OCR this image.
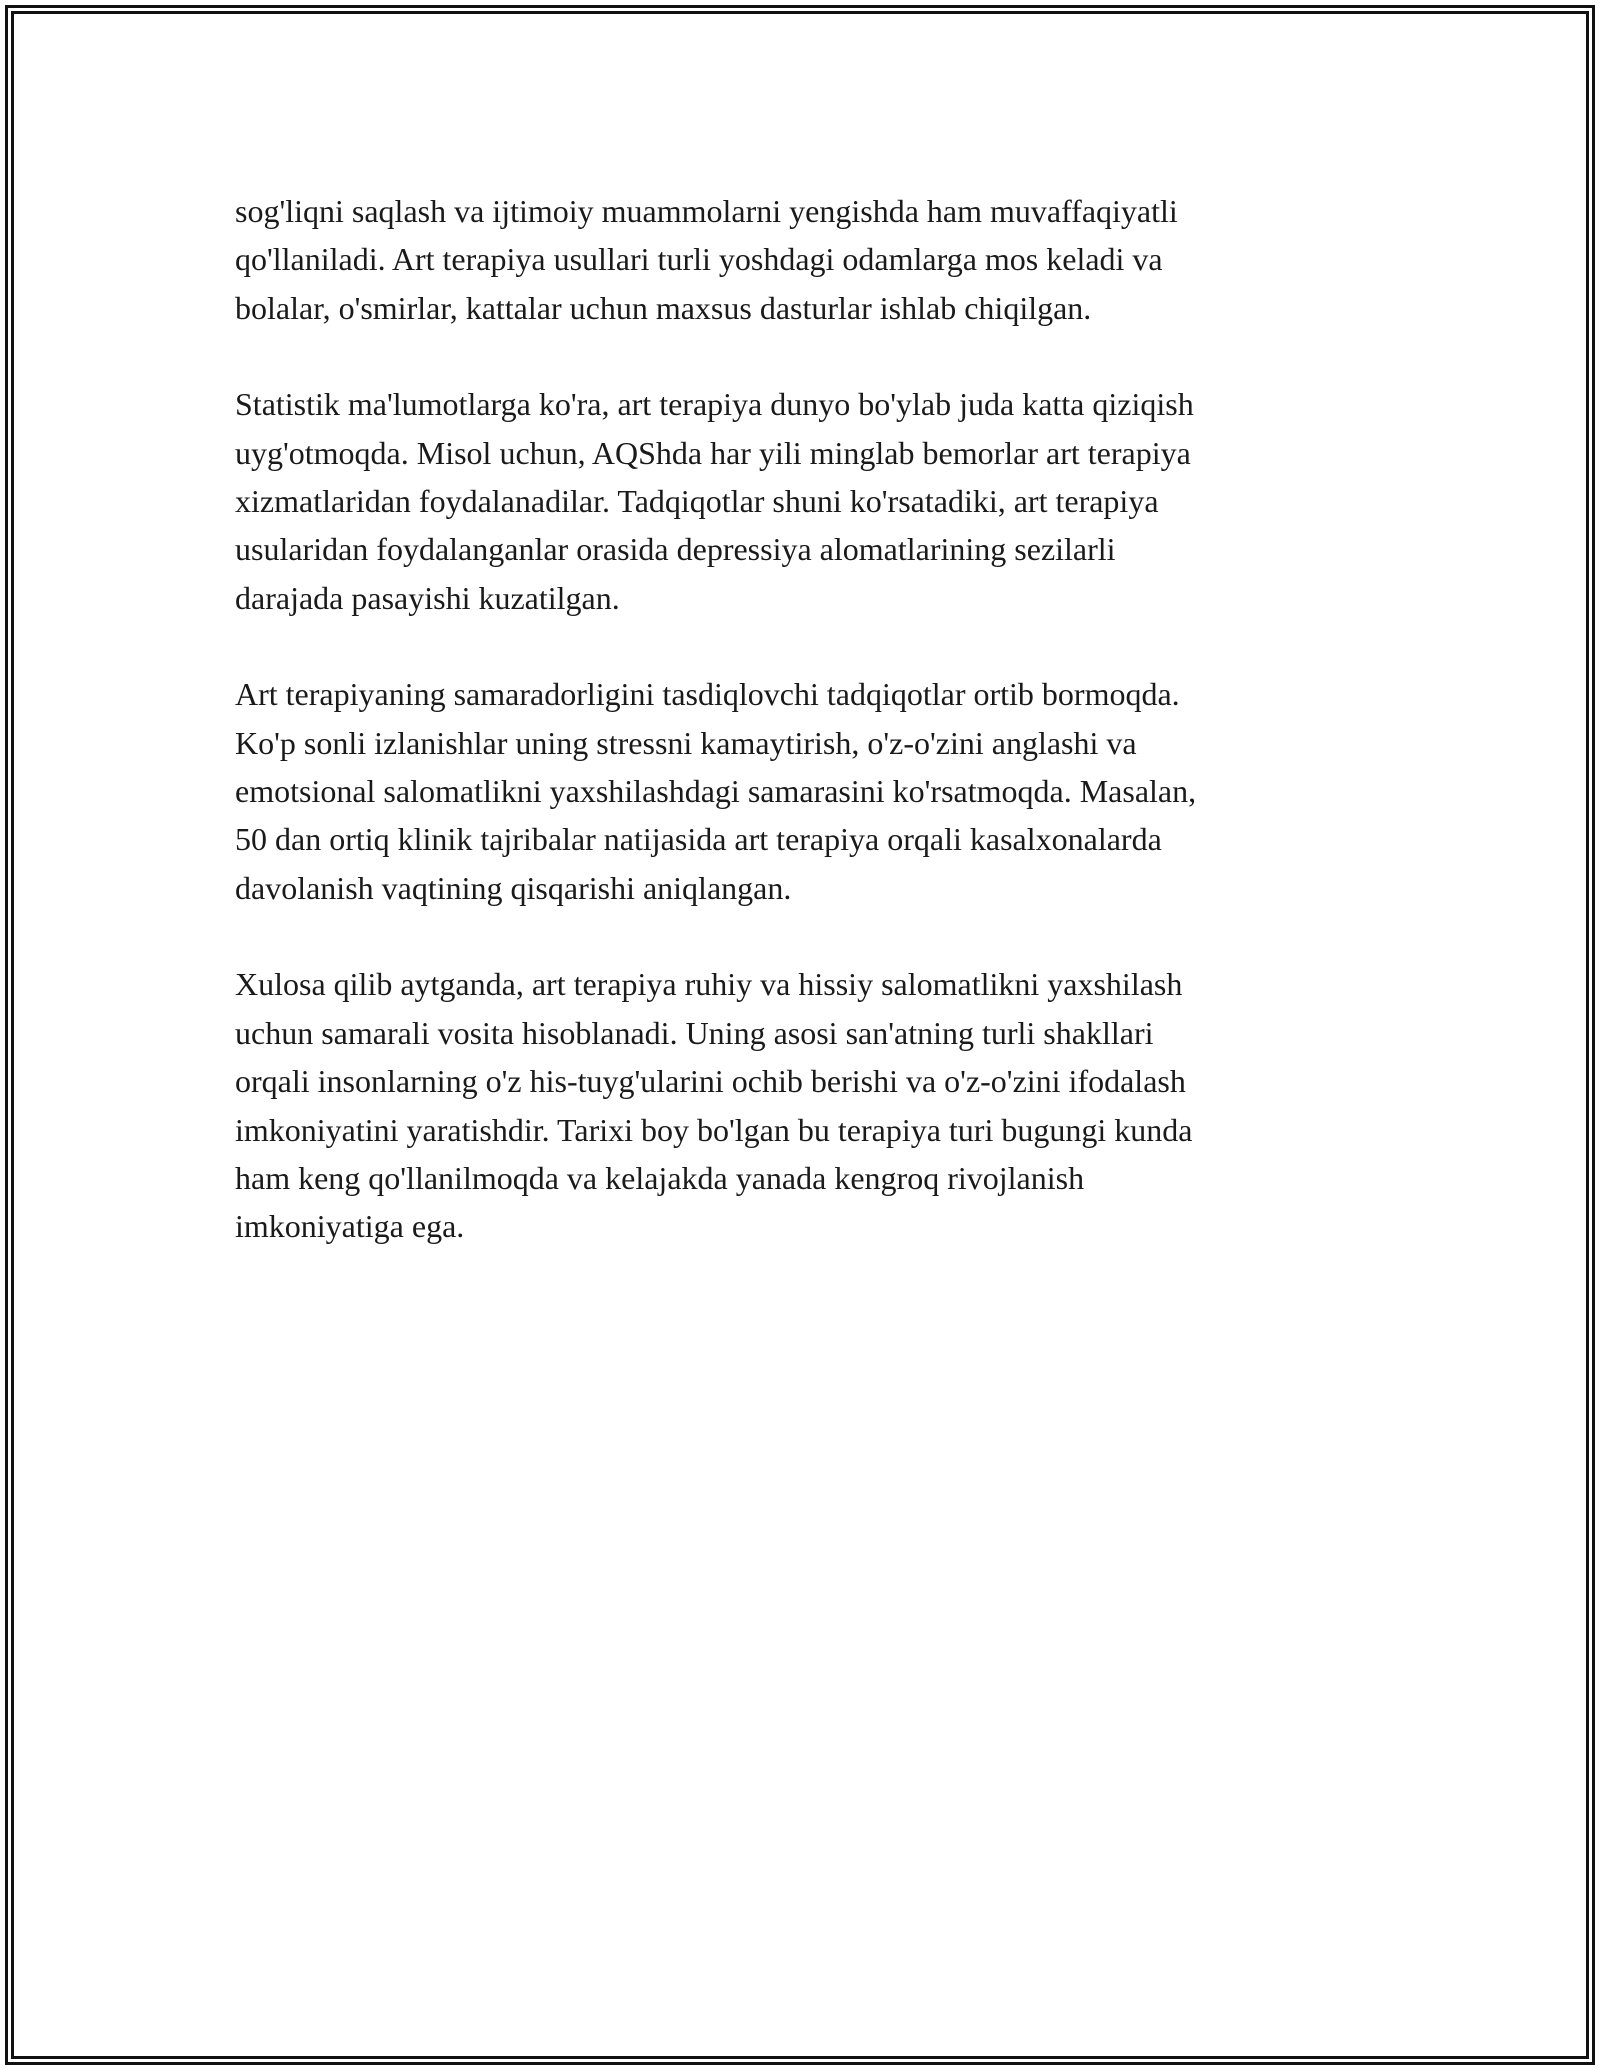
sog'liqni saqlash va ijtimoiy muammolarni yengishda ham muvaffaqiyatli
qo'llaniladi. Art terapiya usullari turli yoshdagi odamlarga mos keladi va
bolalar, o'smirlar, kattalar uchun maxsus dasturlar ishlab chiqilgan.

Statistik ma'lumotlarga ko'ra, art terapiya dunyo bo'ylab juda katta qiziqish
uyg'otmoqda. Misol uchun, AQShda har yili minglab bemorlar art terapiya
xizmatlaridan foydalanadilar. Tadqiqotlar shuni ko'rsatadiki, art terapiya
usularidan foydalanganlar orasida depressiya alomatlarining sezilarli
darajada pasayishi kuzatilgan.

Art terapiyaning samaradorligini tasdiqlovchi tadqiqotlar ortib bormoqda.
Ko'p sonli izlanishlar uning stressni kamaytirish, o'z-o'zini anglashi va
emotsional salomatlikni yaxshilashdagi samarasini ko'rsatmoqda. Masalan,
50 dan ortiq klinik tajribalar natijasida art terapiya orqali kasalxonalarda
davolanish vaqtining qisqarishi aniqlangan.

Xulosa qilib aytganda, art terapiya ruhiy va hissiy salomatlikni yaxshilash
uchun samarali vosita hisoblanadi. Uning asosi san'atning turli shakllari
orqali insonlarning o'z his-tuyg'ularini ochib berishi va o'z-o'zini ifodalash
imkoniyatini yaratishdir. Tarixi boy bo'lgan bu terapiya turi bugungi kunda
ham keng qo'llanilmoqda va kelajakda yanada kengroq rivojlanish
imkoniyatiga ega.
